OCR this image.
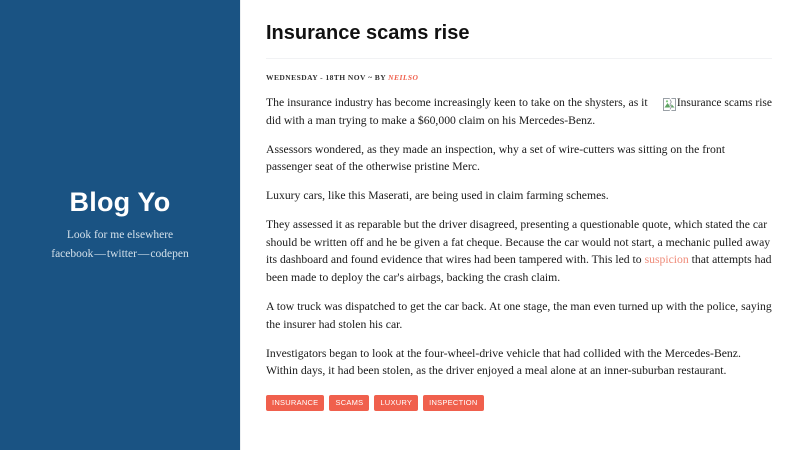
Blog Yo
Look for me elsewhere
facebook—twitter—codepen
Insurance scams rise
WEDNESDAY - 18TH NOV ~ BY NEILSO
Insurance scams rise

The insurance industry has become increasingly keen to take on the shysters, as it did with a man trying to make a $60,000 claim on his Mercedes-Benz.

Assessors wondered, as they made an inspection, why a set of wire-cutters was sitting on the front passenger seat of the otherwise pristine Merc.

Luxury cars, like this Maserati, are being used in claim farming schemes.

They assessed it as reparable but the driver disagreed, presenting a questionable quote, which stated the car should be written off and he be given a fat cheque. Because the car would not start, a mechanic pulled away its dashboard and found evidence that wires had been tampered with. This led to suspicion that attempts had been made to deploy the car's airbags, backing the crash claim.

A tow truck was dispatched to get the car back. At one stage, the man even turned up with the police, saying the insurer had stolen his car.

Investigators began to look at the four-wheel-drive vehicle that had collided with the Mercedes-Benz. Within days, it had been stolen, as the driver enjoyed a meal alone at an inner-suburban restaurant.

INSURANCE	SCAMS	LUXURY	INSPECTION
